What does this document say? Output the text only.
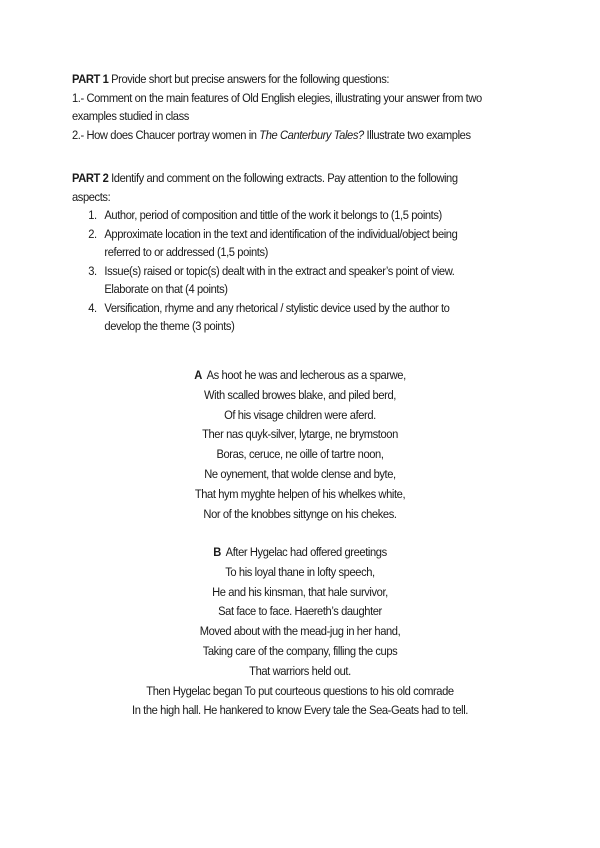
PART 1 Provide short but precise answers for the following questions:

1.- Comment on the main features of Old English elegies, illustrating your answer from two examples studied in class

2.- How does Chaucer portray women in The Canterbury Tales? Illustrate two examples

PART 2 Identify and comment on the following extracts. Pay attention to the following aspects:

1. Author, period of composition and tittle of the work it belongs to (1,5 points)
2. Approximate location in the text and identification of the individual/object being referred to or addressed (1,5 points)
3. Issue(s) raised or topic(s) dealt with in the extract and speaker’s point of view. Elaborate on that (4 points)
4. Versification, rhyme and any rhetorical / stylistic device used by the author to develop the theme (3 points)
A  As hoot he was and lecherous as a sparwe,
With scalled browes blake, and piled berd,
Of his visage children were aferd.
Ther nas quyk-silver, lytarge, ne brymstoon
Boras, ceruce, ne oille of tartre noon,
Ne oynement, that wolde clense and byte,
That hym myghte helpen of his whelkes white,
Nor of the knobbes sittynge on his chekes.
B  After Hygelac had offered greetings
To his loyal thane in lofty speech,
He and his kinsman, that hale survivor,
Sat face to face. Haereth’s daughter
Moved about with the mead-jug in her hand,
Taking care of the company, filling the cups
That warriors held out.
Then Hygelac began To put courteous questions to his old comrade
In the high hall. He hankered to know Every tale the Sea-Geats had to tell.
